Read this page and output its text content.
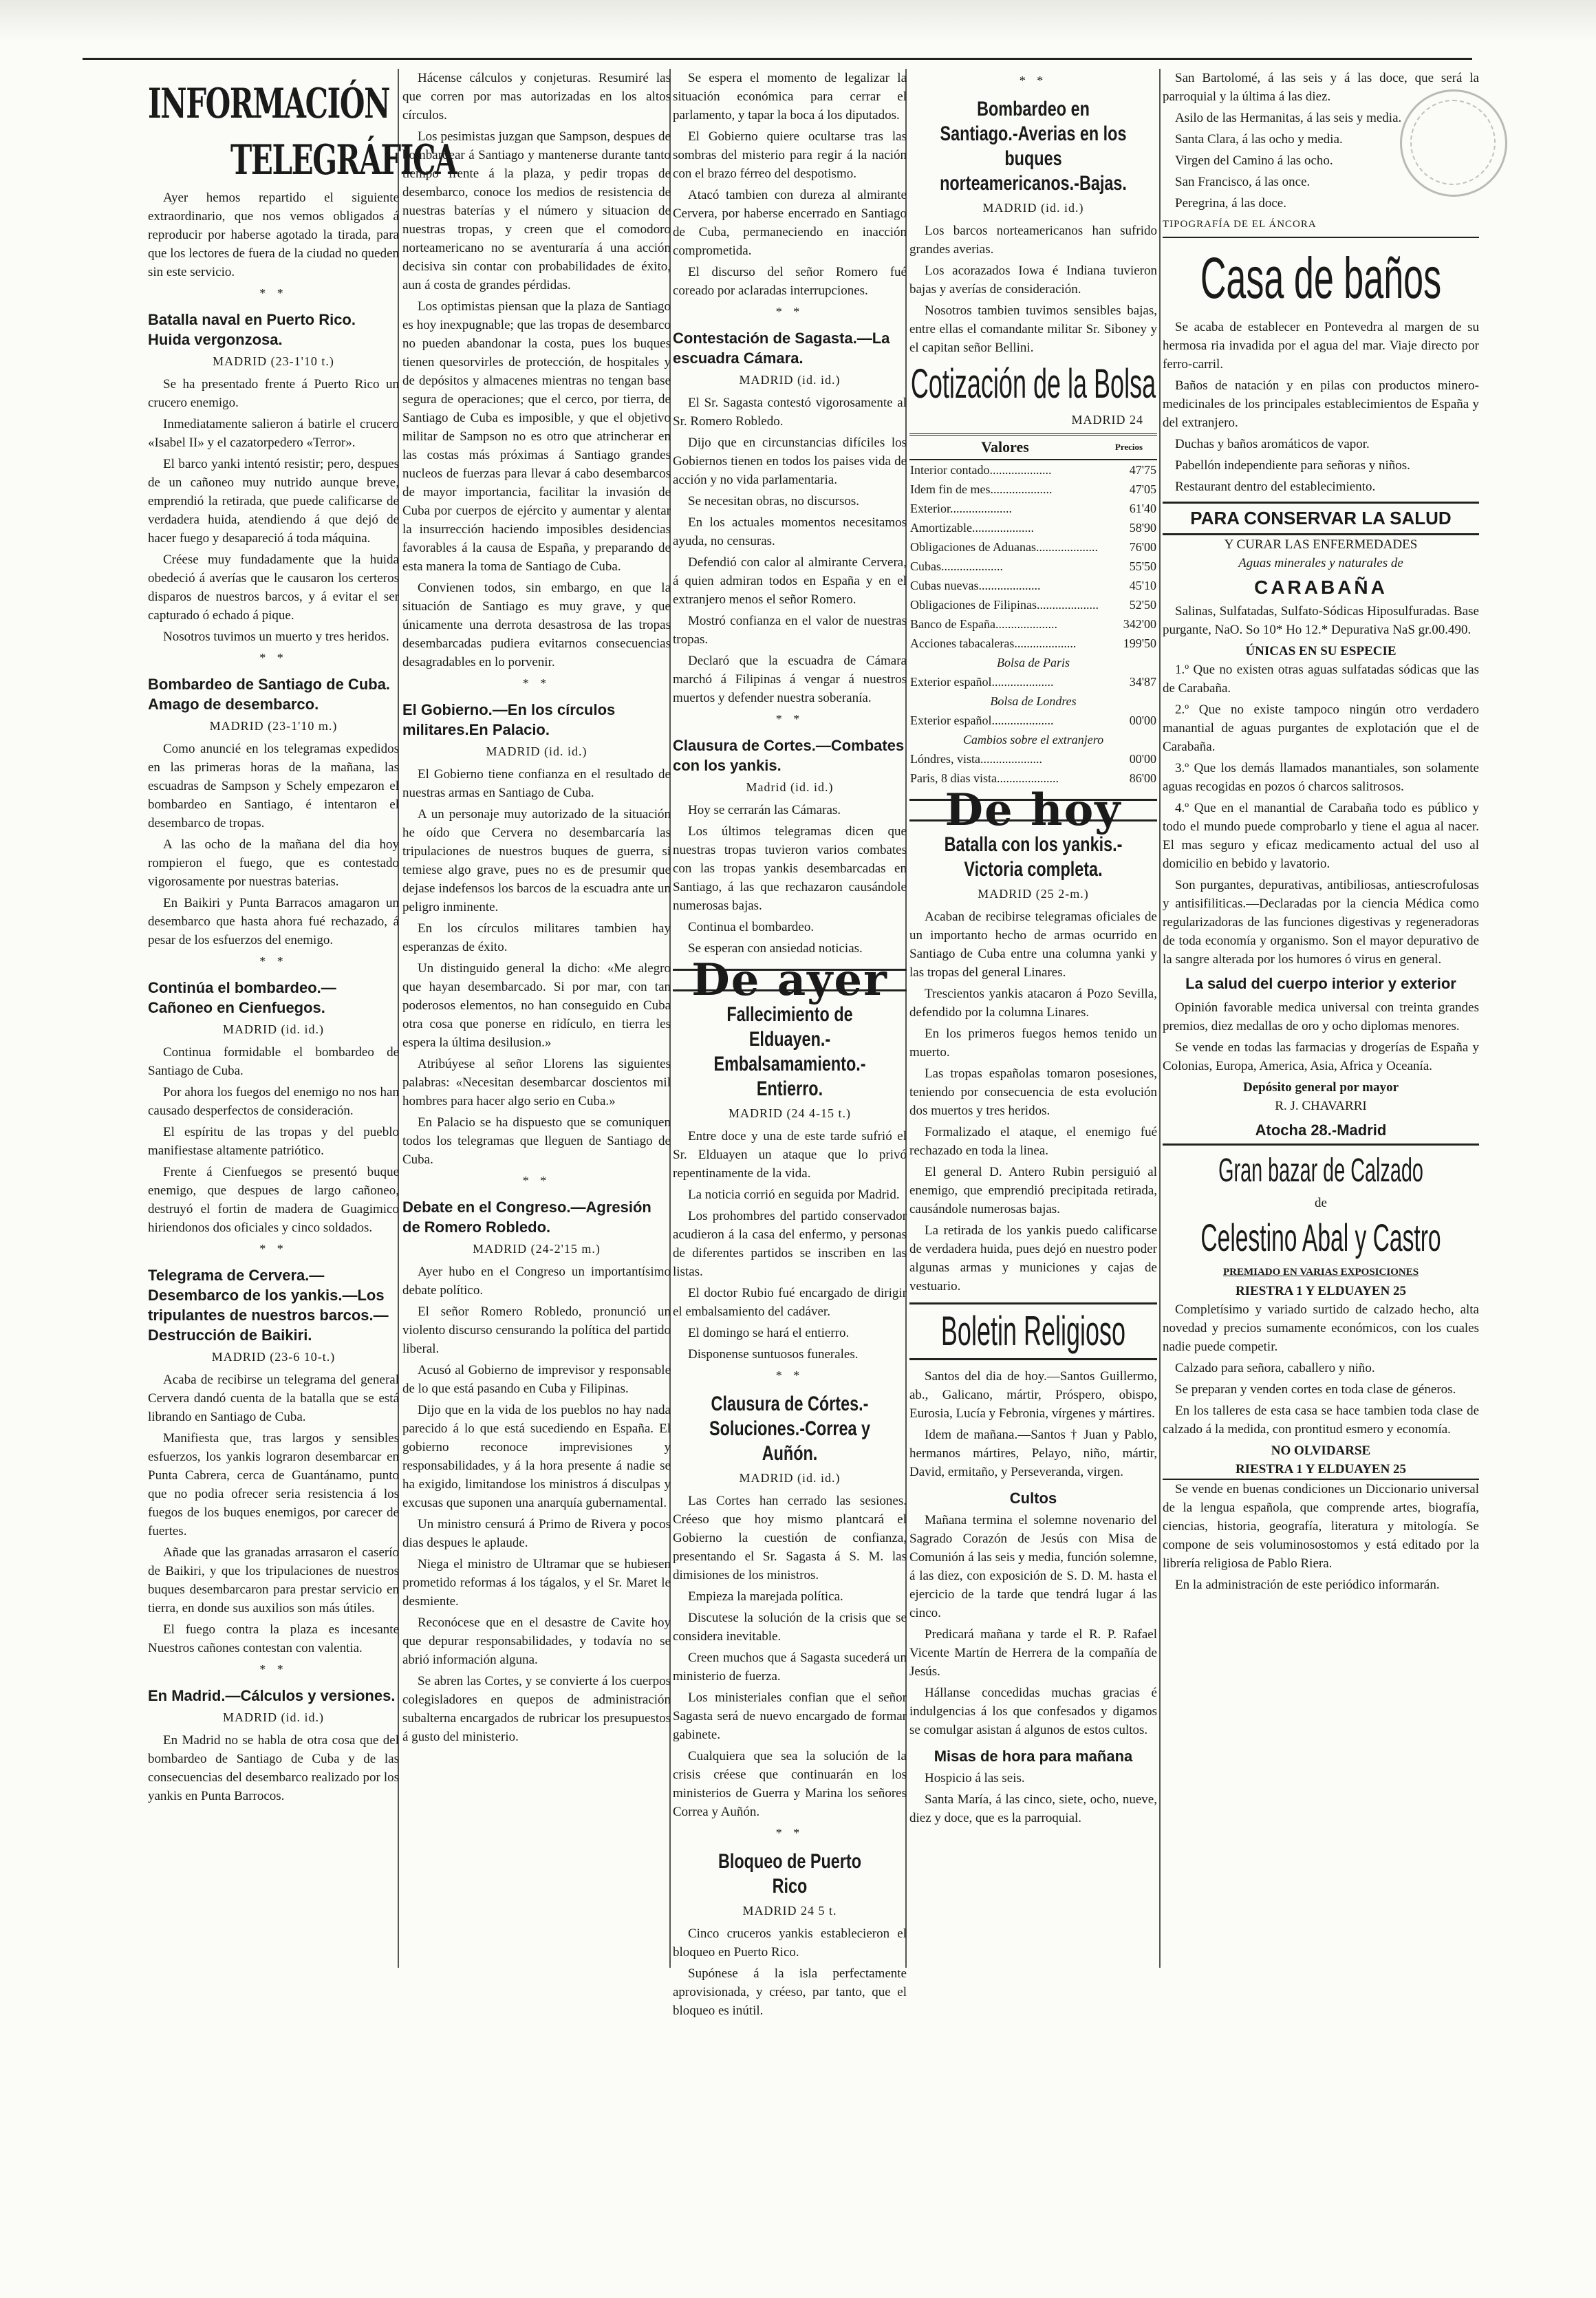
INFORMACIÓN
TELEGRÁFICA

Ayer hemos repartido el siguiente extraordinario, que nos vemos obligados á reproducir por haberse agotado la tirada, para que los lectores de fuera de la ciudad no queden sin este servicio.

* *
Batalla naval en Puerto Rico. Huida vergonzosa.
MADRID (23-1'10 t.)

Se ha presentado frente á Puerto Rico un crucero enemigo.

Inmediatamente salieron á batirle el crucero «Isabel II» y el cazatorpedero «Terror».

El barco yanki intentó resistir; pero, despues de un cañoneo muy nutrido aunque breve, emprendió la retirada, que puede calificarse de verdadera huida, atendiendo á que dejó de hacer fuego y desapareció á toda máquina.

Créese muy fundadamente que la huida obedeció á averías que le causaron los certeros disparos de nuestros barcos, y á evitar el ser capturado ó echado á pique.

Nosotros tuvimos un muerto y tres heridos.

* *
Bombardeo de Santiago de Cuba. Amago de desembarco.
MADRID (23-1'10 m.)

Como anuncié en los telegramas expedidos en las primeras horas de la mañana, las escuadras de Sampson y Schely empezaron el bombardeo en Santiago, é intentaron el desembarco de tropas.

A las ocho de la mañana del dia hoy rompieron el fuego, que es contestado vigorosamente por nuestras baterias.

En Baikiri y Punta Barracos amagaron un desembarco que hasta ahora fué rechazado, á pesar de los esfuerzos del enemigo.

* *
Continúa el bombardeo.—Cañoneo en Cienfuegos.
MADRID (id. id.)

Continua formidable el bombardeo de Santiago de Cuba.

Por ahora los fuegos del enemigo no nos han causado desperfectos de consideración.

El espíritu de las tropas y del pueblo manifiestase altamente patriótico.

Frente á Cienfuegos se presentó buque enemigo, que despues de largo cañoneo, destruyó el fortin de madera de Guagimico hiriendonos dos oficiales y cinco soldados.

* *
Telegrama de Cervera.—Desembarco de los yankis.—Los tripulantes de nuestros barcos.—Destrucción de Baikiri.
MADRID (23-6 10-t.)

Acaba de recibirse un telegrama del general Cervera dandó cuenta de la batalla que se está librando en Santiago de Cuba.

Manifiesta que, tras largos y sensibles esfuerzos, los yankis lograron desembarcar en Punta Cabrera, cerca de Guantánamo, punto que no podia ofrecer seria resistencia á los fuegos de los buques enemigos, por carecer de fuertes.

Añade que las granadas arrasaron el caserío de Baikiri, y que los tripulaciones de nuestros buques desembarcaron para prestar servicio en tierra, en donde sus auxilios son más útiles.

El fuego contra la plaza es incesante Nuestros cañones contestan con valentia.

* *
En Madrid.—Cálculos y versiones.
MADRID (id. id.)

En Madrid no se habla de otra cosa que del bombardeo de Santiago de Cuba y de las consecuencias del desembarco realizado por los yankis en Punta Barrocos.

Hácense cálculos y conjeturas. Resumiré las que corren por mas autorizadas en los altos círculos.

Los pesimistas juzgan que Sampson, despues de bombardear á Santiago y mantenerse durante tanto tiempo frente á la plaza, y pedir tropas de desembarco, conoce los medios de resistencia de nuestras baterías y el número y situacion de nuestras tropas, y creen que el comodoro norteamericano no se aventuraría á una acción decisiva sin contar con probabilidades de éxito, aun á costa de grandes pérdidas.

Los optimistas piensan que la plaza de Santiago es hoy inexpugnable; que las tropas de desembarco no pueden abandonar la costa, pues los buques tienen quesorvirles de protección, de hospitales y de depósitos y almacenes mientras no tengan base segura de operaciones; que el cerco, por tierra, de Santiago de Cuba es imposible, y que el objetivo militar de Sampson no es otro que atrincherar en las costas más próximas á Santiago grandes nucleos de fuerzas para llevar á cabo desembarcos de mayor importancia, facilitar la invasión de Cuba por cuerpos de ejército y aumentar y alentar la insurrección haciendo imposibles desidencias favorables á la causa de España, y preparando de esta manera la toma de Santiago de Cuba.

Convienen todos, sin embargo, en que la situación de Santiago es muy grave, y que únicamente una derrota desastrosa de las tropas desembarcadas pudiera evitarnos consecuencias desagradables en lo porvenir.

* *
El Gobierno.—En los círculos militares.En Palacio.
MADRID (id. id.)

El Gobierno tiene confianza en el resultado de nuestras armas en Santiago de Cuba.

A un personaje muy autorizado de la situación he oído que Cervera no desembarcaría las tripulaciones de nuestros buques de guerra, si temiese algo grave, pues no es de presumir que dejase indefensos los barcos de la escuadra ante un peligro inminente.

En los círculos militares tambien hay esperanzas de éxito.

Un distinguido general la dicho: «Me alegro que hayan desembarcado. Si por mar, con tan poderosos elementos, no han conseguido en Cuba otra cosa que ponerse en ridículo, en tierra les espera la última desilusion.»

Atribúyese al señor Llorens las siguientes palabras: «Necesitan desembarcar doscientos mil hombres para hacer algo serio en Cuba.»

En Palacio se ha dispuesto que se comuniquen todos los telegramas que lleguen de Santiago de Cuba.

* *
Debate en el Congreso.—Agresión de Romero Robledo.
MADRID (24-2'15 m.)

Ayer hubo en el Congreso un importantísimo debate político.

El señor Romero Robledo, pronunció un violento discurso censurando la política del partido liberal.

Acusó al Gobierno de imprevisor y responsable de lo que está pasando en Cuba y Filipinas.

Dijo que en la vida de los pueblos no hay nada parecido á lo que está sucediendo en España. El gobierno reconoce imprevisiones y responsabilidades, y á la hora presente á nadie se ha exigido, limitandose los ministros á disculpas y excusas que suponen una anarquía gubernamental.

Un ministro censurá á Primo de Rivera y pocos dias despues le aplaude.

Niega el ministro de Ultramar que se hubiesen prometido reformas á los tágalos, y el Sr. Maret le desmiente.

Reconócese que en el desastre de Cavite hoy que depurar responsabilidades, y todavía no se abrió información alguna.

Se abren las Cortes, y se convierte á los cuerpos colegisladores en quepos de administración subalterna encargados de rubricar los presupuestos á gusto del ministerio.

Se espera el momento de legalizar la situación económica para cerrar el parlamento, y tapar la boca á los diputados.

El Gobierno quiere ocultarse tras las sombras del misterio para regir á la nación con el brazo férreo del despotismo.

Atacó tambien con dureza al almirante Cervera, por haberse encerrado en Santiago de Cuba, permaneciendo en inacción comprometida.

El discurso del señor Romero fué coreado por aclaradas interrupciones.

* *
Contestación de Sagasta.—La escuadra Cámara.
MADRID (id. id.)

El Sr. Sagasta contestó vigorosamente al Sr. Romero Robledo.

Dijo que en circunstancias difíciles los Gobiernos tienen en todos los paises vida de acción y no vida parlamentaria.

Se necesitan obras, no discursos.

En los actuales momentos necesitamos ayuda, no censuras.

Defendió con calor al almirante Cervera, á quien admiran todos en España y en el extranjero menos el señor Romero.

Mostró confianza en el valor de nuestras tropas.

Declaró que la escuadra de Cámara marchó á Filipinas á vengar á nuestros muertos y defender nuestra soberanía.

* *
Clausura de Cortes.—Combates con los yankis.
Madrid (id. id.)

Hoy se cerrarán las Cámaras.

Los últimos telegramas dicen que nuestras tropas tuvieron varios combates con las tropas yankis desembarcadas en Santiago, á las que rechazaron causándole numerosas bajas.

Continua el bombardeo.

Se esperan con ansiedad noticias.

De ayer
Fallecimiento de Elduayen.-Embalsamamiento.-Entierro.
MADRID (24 4-15 t.)

Entre doce y una de este tarde sufrió el Sr. Elduayen un ataque que lo privó repentinamente de la vida.

La noticia corrió en seguida por Madrid.

Los prohombres del partido conservador acudieron á la casa del enfermo, y personas de diferentes partidos se inscriben en las listas.

El doctor Rubio fué encargado de dirigir el embalsamiento del cadáver.

El domingo se hará el entierro.

Disponense suntuosos funerales.

* *
Clausura de Córtes.-Soluciones.-Correa y Auñón.
MADRID (id. id.)

Las Cortes han cerrado las sesiones. Créeso que hoy mismo plantcará el Gobierno la cuestión de confianza, presentando el Sr. Sagasta á S. M. las dimisiones de los ministros.

Empieza la marejada política.

Discutese la solución de la crisis que se considera inevitable.

Creen muchos que á Sagasta sucederá un ministerio de fuerza.

Los ministeriales confian que el señor Sagasta será de nuevo encargado de formar gabinete.

Cualquiera que sea la solución de la crisis créese que continuarán en los ministerios de Guerra y Marina los señores Correa y Auñón.

* *
Bloqueo de Puerto Rico
MADRID 24 5 t.

Cinco cruceros yankis establecieron el bloqueo en Puerto Rico.

Supónese á la isla perfectamente aprovisionada, y créeso, par tanto, que el bloqueo es inútil.

* *
Bombardeo en Santiago.-Averias en los buques norteamericanos.-Bajas.
MADRID (id. id.)

Los barcos norteamericanos han sufrido grandes averias.

Los acorazados Iowa é Indiana tuvieron bajas y averías de consideración.

Nosotros tambien tuvimos sensibles bajas, entre ellas el comandante militar Sr. Siboney y el capitan señor Bellini.

Cotización de la Bolsa
MADRID 24
Valores	Precios
Interior contado....................	47'75
Idem fin de mes....................	47'05
Exterior....................	61'40
Amortizable....................	58'90
Obligaciones de Aduanas....................	76'00
Cubas....................	55'50
Cubas nuevas....................	45'10
Obligaciones de Filipinas....................	52'50
Banco de España....................	342'00
Acciones tabacaleras....................	199'50
Bolsa de Paris	
Exterior español....................	34'87
Bolsa de Londres	
Exterior español....................	00'00
Cambios sobre el extranjero	
Lóndres, vista....................	00'00
Paris, 8 dias vista....................	86'00
De hoy
Batalla con los yankis.-Victoria completa.
MADRID (25 2-m.)

Acaban de recibirse telegramas oficiales de un importanto hecho de armas ocurrido en Santiago de Cuba entre una columna yanki y las tropas del general Linares.

Trescientos yankis atacaron á Pozo Sevilla, defendido por la columna Linares.

En los primeros fuegos hemos tenido un muerto.

Las tropas españolas tomaron posesiones, teniendo por consecuencia de esta evolución dos muertos y tres heridos.

Formalizado el ataque, el enemigo fué rechazado en toda la linea.

El general D. Antero Rubin persiguió al enemigo, que emprendió precipitada retirada, causándole numerosas bajas.

La retirada de los yankis puedo calificarse de verdadera huida, pues dejó en nuestro poder algunas armas y municiones y cajas de vestuario.

Boletin Religioso

Santos del dia de hoy.—Santos Guillermo, ab., Galicano, mártir, Próspero, obispo, Eurosia, Lucía y Febronia, vírgenes y mártires.

Idem de mañana.—Santos † Juan y Pablo, hermanos mártires, Pelayo, niño, mártir, David, ermitaño, y Perseveranda, virgen.

Cultos

Mañana termina el solemne novenario del Sagrado Corazón de Jesús con Misa de Comunión á las seis y media, función solemne, á las diez, con exposición de S. D. M. hasta el ejercicio de la tarde que tendrá lugar á las cinco.

Predicará mañana y tarde el R. P. Rafael Vicente Martín de Herrera de la compañía de Jesús.

Hállanse concedidas muchas gracias é indulgencias á los que confesados y digamos se comulgar asistan á algunos de estos cultos.

Misas de hora para mañana

Hospicio á las seis.

Santa María, á las cinco, siete, ocho, nueve, diez y doce, que es la parroquial.

San Bartolomé, á las seis y á las doce, que será la parroquial y la última á las diez.

Asilo de las Hermanitas, á las seis y media.

Santa Clara, á las ocho y media.

Virgen del Camino á las ocho.

San Francisco, á las once.

Peregrina, á las doce.

TIPOGRAFÍA DE EL ÁNCORA
Casa de baños

Se acaba de establecer en Pontevedra al margen de su hermosa ria invadida por el agua del mar. Viaje directo por ferro-carril.

Baños de natación y en pilas con productos minero-medicinales de los principales establecimientos de España y del extranjero.

Duchas y baños aromáticos de vapor.

Pabellón independiente para señoras y niños.

Restaurant dentro del establecimiento.

PARA CONSERVAR LA SALUD
Y CURAR LAS ENFERMEDADES
Aguas minerales y naturales de
CARABAÑA

Salinas, Sulfatadas, Sulfato-Sódicas Hiposulfuradas. Base purgante, NaO. So 10* Ho 12.* Depurativa NaS gr.00.490.

ÚNICAS EN SU ESPECIE

1.º Que no existen otras aguas sulfatadas sódicas que las de Carabaña.

2.º Que no existe tampoco ningún otro verdadero manantial de aguas purgantes de explotación que el de Carabaña.

3.º Que los demás llamados manantiales, son solamente aguas recogidas en pozos ó charcos salitrosos.

4.º Que en el manantial de Carabaña todo es público y todo el mundo puede comprobarlo y tiene el agua al nacer. El mas seguro y eficaz medicamento actual del uso al domicilio en bebido y lavatorio.

Son purgantes, depurativas, antibiliosas, antiescrofulosas y antisifiliticas.—Declaradas por la ciencia Médica como regularizadoras de las funciones digestivas y regeneradoras de toda economía y organismo. Son el mayor depurativo de la sangre alterada por los humores ó virus en general.

La salud del cuerpo interior y exterior

Opinión favorable medica universal con treinta grandes premios, diez medallas de oro y ocho diplomas menores.

Se vende en todas las farmacias y drogerías de España y Colonias, Europa, America, Asia, Africa y Oceanía.

Depósito general por mayor
R. J. CHAVARRI
Atocha 28.-Madrid
Gran bazar de Calzado
de
Celestino Abal y Castro
PREMIADO EN VARIAS EXPOSICIONES
RIESTRA 1 Y ELDUAYEN 25

Completísimo y variado surtido de calzado hecho, alta novedad y precios sumamente económicos, con los cuales nadie puede competir.

Calzado para señora, caballero y niño.

Se preparan y venden cortes en toda clase de géneros.

En los talleres de esta casa se hace tambien toda clase de calzado á la medida, con prontitud esmero y economía.

NO OLVIDARSE
RIESTRA 1 Y ELDUAYEN 25

Se vende en buenas condiciones un Diccionario universal de la lengua española, que comprende artes, biografía, ciencias, historia, geografía, literatura y mitología. Se compone de seis voluminosostomos y está editado por la librería religiosa de Pablo Riera.

En la administración de este periódico informarán.
